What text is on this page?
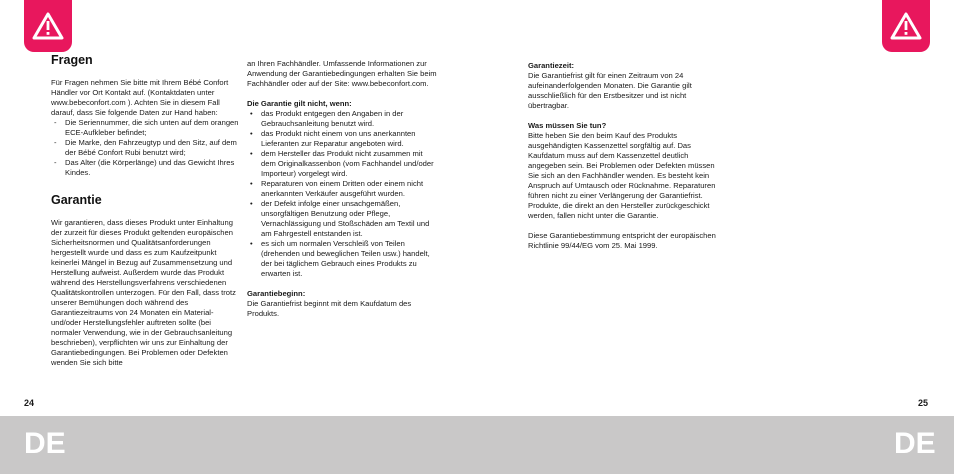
Fragen

Für Fragen nehmen Sie bitte mit Ihrem Bébé Confort Händler vor Ort Kontakt auf. (Kontaktdaten unter www.bebeconfort.com ). Achten Sie in diesem Fall darauf, dass Sie folgende Daten zur Hand haben:

- Die Seriennummer, die sich unten auf dem orangen ECE-Aufkleber befindet;
- Die Marke, den Fahrzeugtyp und den Sitz, auf dem der Bébé Confort Rubi benutzt wird;
- Das Alter (die Körperlänge) und das Gewicht Ihres Kindes.
Garantie

Wir garantieren, dass dieses Produkt unter Einhaltung der zurzeit für dieses Produkt geltenden europäischen Sicherheitsnormen und Qualitätsanforderungen hergestellt wurde und dass es zum Kaufzeitpunkt keinerlei Mängel in Bezug auf Zusammensetzung und Herstellung aufweist. Außerdem wurde das Produkt während des Herstellungsverfahrens verschiedenen Qualitätskontrollen unterzogen. Für den Fall, dass trotz unserer Bemühungen doch während des Garantiezeitraums von 24 Monaten ein Material- und/oder Herstellungsfehler auftreten sollte (bei normaler Verwendung, wie in der Gebrauchsanleitung beschrieben), verpflichten wir uns zur Einhaltung der Garantiebedingungen. Bei Problemen oder Defekten wenden Sie sich bitte

an Ihren Fachhändler. Umfassende Informationen zur Anwendung der Garantiebedingungen erhalten Sie beim Fachhändler oder auf der Site: www.bebeconfort.com.

Die Garantie gilt nicht, wenn:

• das Produkt entgegen den Angaben in der Gebrauchsanleitung benutzt wird.
• das Produkt nicht einem von uns anerkannten Lieferanten zur Reparatur angeboten wird.
• dem Hersteller das Produkt nicht zusammen mit dem Originalkassenbon (vom Fachhandel und/oder Importeur) vorgelegt wird.
• Reparaturen von einem Dritten oder einem nicht anerkannten Verkäufer ausgeführt wurden.
• der Defekt infolge einer unsachgemäßen, unsorgfältigen Benutzung oder Pflege, Vernachlässigung und Stoßschäden am Textil und am Fahrgestell entstanden ist.
• es sich um normalen Verschleiß von Teilen (drehenden und beweglichen Teilen usw.) handelt, der bei täglichem Gebrauch eines Produkts zu erwarten ist.

Garantiebeginn:

Die Garantiefrist beginnt mit dem Kaufdatum des Produkts.

Garantiezeit:

Die Garantiefrist gilt für einen Zeitraum von 24 aufeinanderfolgenden Monaten. Die Garantie gilt ausschließlich für den Erstbesitzer und ist nicht übertragbar.

Was müssen Sie tun?

Bitte heben Sie den beim Kauf des Produkts ausgehändigten Kassenzettel sorgfältig auf. Das Kaufdatum muss auf dem Kassenzettel deutlich angegeben sein. Bei Problemen oder Defekten müssen Sie sich an den Fachhändler wenden. Es besteht kein Anspruch auf Umtausch oder Rücknahme. Reparaturen führen nicht zu einer Verlängerung der Garantiefrist. Produkte, die direkt an den Hersteller zurückgeschickt werden, fallen nicht unter die Garantie.

Diese Garantiebestimmung entspricht der europäischen Richtlinie 99/44/EG vom 25. Mai 1999.

24	25
DE	DE
